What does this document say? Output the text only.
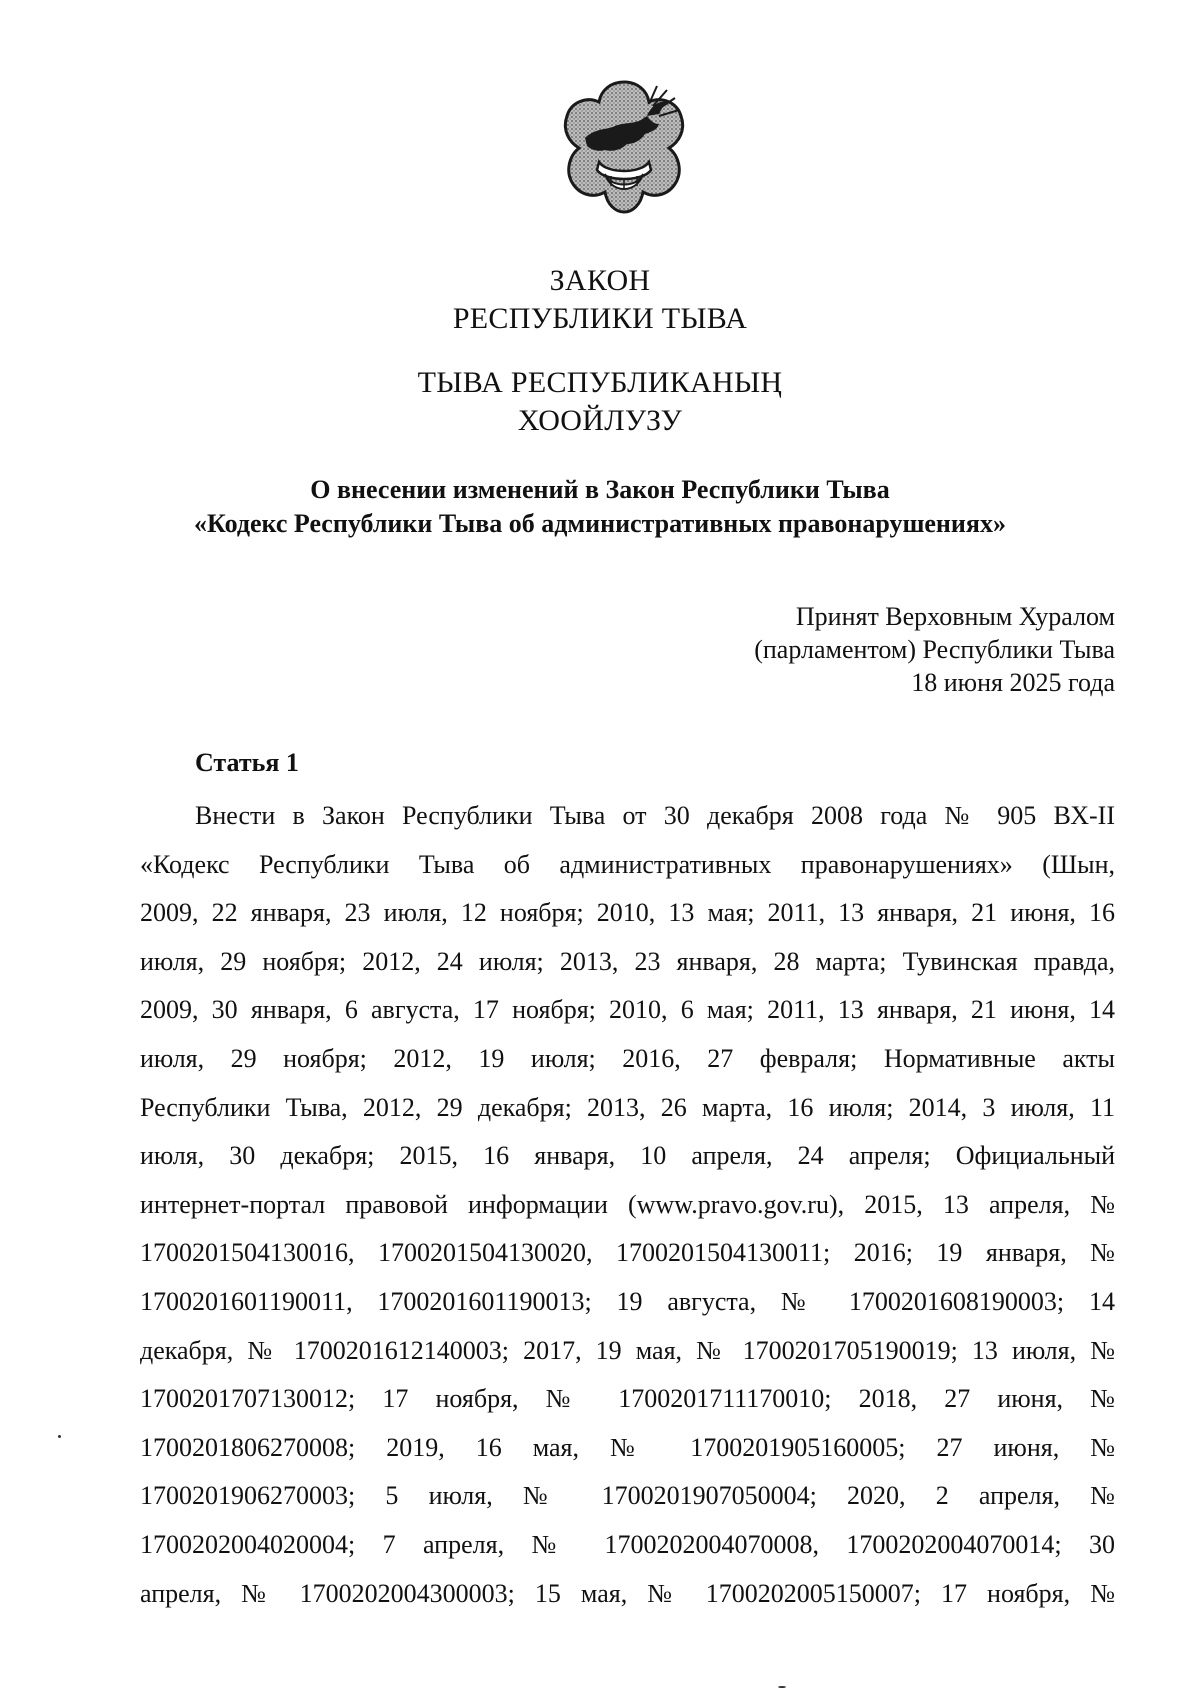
ЗАКОН
РЕСПУБЛИКИ ТЫВА
ТЫВА РЕСПУБЛИКАНЫҢ
ХООЙЛУЗУ
О внесении изменений в Закон Республики Тыва
«Кодекс Республики Тыва об административных правонарушениях»
Принят Верховным Хуралом
(парламентом) Республики Тыва
18 июня 2025 года
Статья 1
Внести в Закон Республики Тыва от 30 декабря 2008 года № 905 ВХ-II
«Кодекс Республики Тыва об административных правонарушениях» (Шын,
2009, 22 января, 23 июля, 12 ноября; 2010, 13 мая; 2011, 13 января, 21 июня, 16
июля, 29 ноября; 2012, 24 июля; 2013, 23 января, 28 марта; Тувинская правда,
2009, 30 января, 6 августа, 17 ноября; 2010, 6 мая; 2011, 13 января, 21 июня, 14
июля, 29 ноября; 2012, 19 июля; 2016, 27 февраля; Нормативные акты
Республики Тыва, 2012, 29 декабря; 2013, 26 марта, 16 июля; 2014, 3 июля, 11
июля, 30 декабря; 2015, 16 января, 10 апреля, 24 апреля; Официальный
интернет-портал правовой информации (www.pravo.gov.ru), 2015, 13 апреля, №
1700201504130016, 1700201504130020, 1700201504130011; 2016; 19 января, №
1700201601190011, 1700201601190013; 19 августа, № 1700201608190003; 14
декабря, № 1700201612140003; 2017, 19 мая, № 1700201705190019; 13 июля, №
1700201707130012; 17 ноября, № 1700201711170010; 2018, 27 июня, №
1700201806270008; 2019, 16 мая, № 1700201905160005; 27 июня, №
1700201906270003; 5 июля, № 1700201907050004; 2020, 2 апреля, №
1700202004020004; 7 апреля, № 1700202004070008, 1700202004070014; 30
апреля, № 1700202004300003; 15 мая, № 1700202005150007; 17 ноября, №
